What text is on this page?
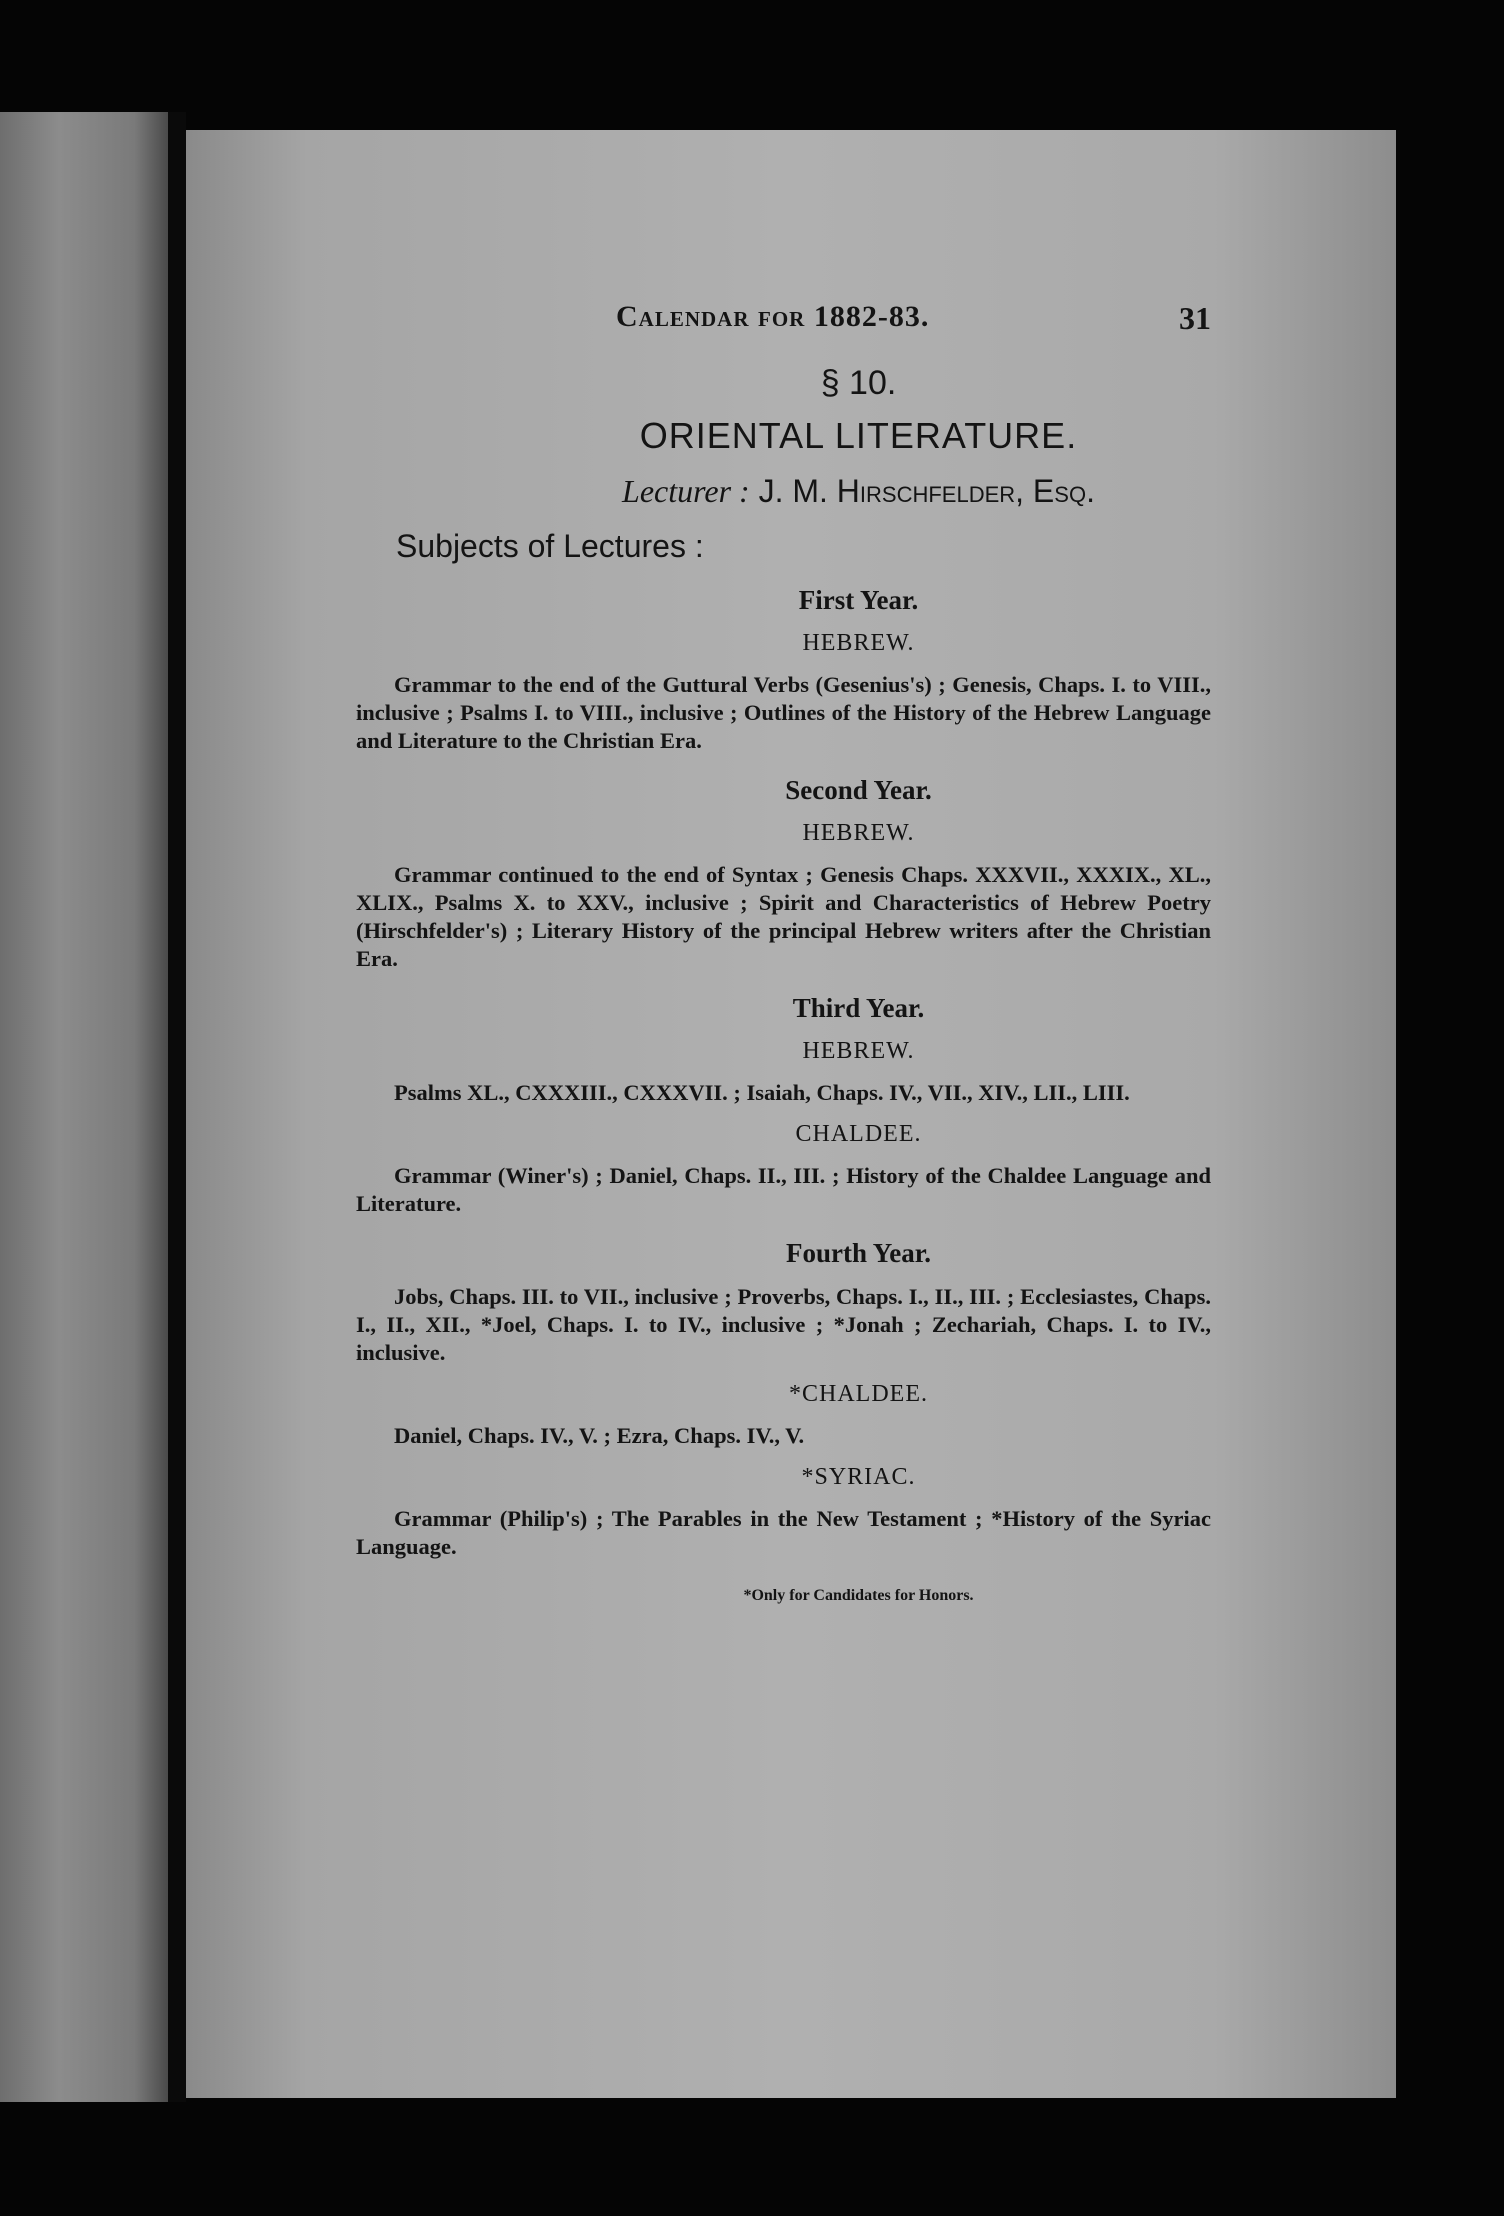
Calendar for 1882-83.	31
§ 10.
ORIENTAL LITERATURE.
Lecturer : J. M. Hirschfelder, Esq.
Subjects of Lectures :
First Year.
HEBREW.
Grammar to the end of the Guttural Verbs (Gesenius's) ; Genesis, Chaps. I. to VIII., inclusive ; Psalms I. to VIII., inclusive ; Outlines of the History of the Hebrew Language and Literature to the Christian Era.
Second Year.
HEBREW.
Grammar continued to the end of Syntax ; Genesis Chaps. XXXVII., XXXIX., XL., XLIX., Psalms X. to XXV., inclusive ; Spirit and Characteristics of Hebrew Poetry (Hirschfelder's) ; Literary History of the principal Hebrew writers after the Christian Era.
Third Year.
HEBREW.
Psalms XL., CXXXIII., CXXXVII. ; Isaiah, Chaps. IV., VII., XIV., LII., LIII.
CHALDEE.
Grammar (Winer's) ; Daniel, Chaps. II., III. ; History of the Chaldee Language and Literature.
Fourth Year.
Jobs, Chaps. III. to VII., inclusive ; Proverbs, Chaps. I., II., III. ; Ecclesiastes, Chaps. I., II., XII., *Joel, Chaps. I. to IV., inclusive ; *Jonah ; Zechariah, Chaps. I. to IV., inclusive.
*CHALDEE.
Daniel, Chaps. IV., V. ; Ezra, Chaps. IV., V.
*SYRIAC.
Grammar (Philip's) ; The Parables in the New Testament ; *History of the Syriac Language.
*Only for Candidates for Honors.
